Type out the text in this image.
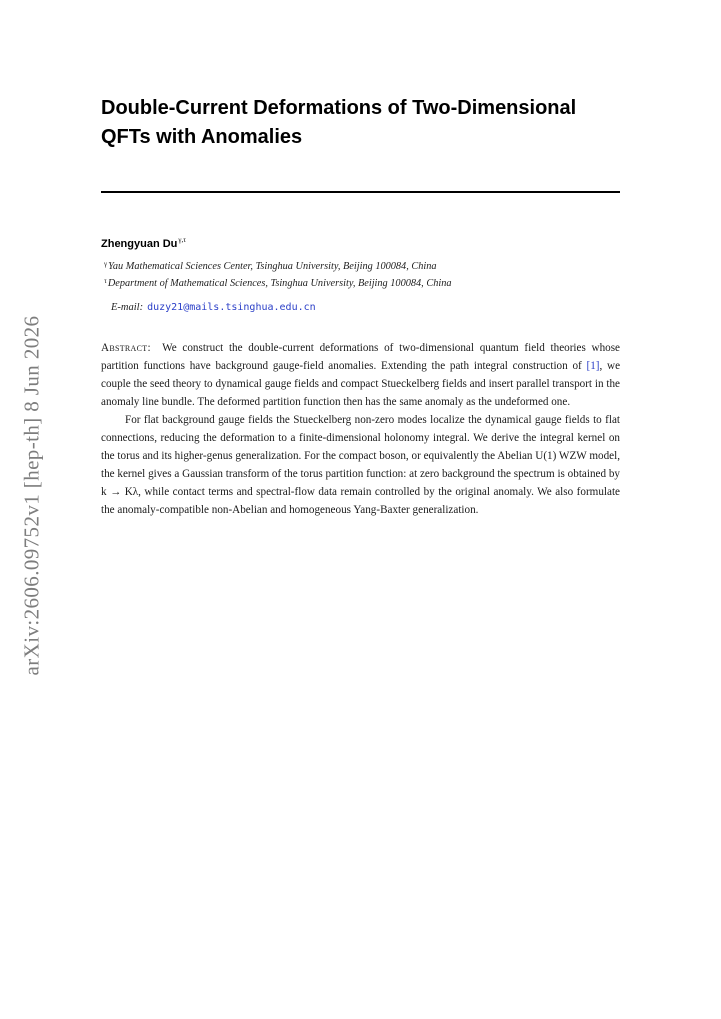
arXiv:2606.09752v1 [hep-th] 8 Jun 2026
Double-Current Deformations of Two-Dimensional QFTs with Anomalies
Zhengyuan $Du^{\gamma,\tau}$
$^\gamma$Yau Mathematical Sciences Center, Tsinghua University, Beijing 100084, China
$^\tau$Department of Mathematical Sciences, Tsinghua University, Beijing 100084, China
E-mail: duzy21@mails.tsinghua.edu.cn

Abstract: We construct the double-current deformations of two-dimensional quantum field theories whose partition functions have background gauge-field anomalies. Extending the path integral construction of [1], we couple the seed theory to dynamical gauge fields and compact Stueckelberg fields and insert parallel transport in the anomaly line bundle. The deformed partition function then has the same anomaly as the undeformed one.

For flat background gauge fields the Stueckelberg non-zero modes localize the dynamical gauge fields to flat connections, reducing the deformation to a finite-dimensional holonomy integral. We derive the integral kernel on the torus and its higher-genus generalization. For the compact boson, or equivalently the Abelian U(1) WZW model, the kernel gives a Gaussian transform of the torus partition function: at zero background the spectrum is obtained by k → Kλ, while contact terms and spectral-flow data remain controlled by the original anomaly. We also formulate the anomaly-compatible non-Abelian and homogeneous Yang-Baxter generalization.
